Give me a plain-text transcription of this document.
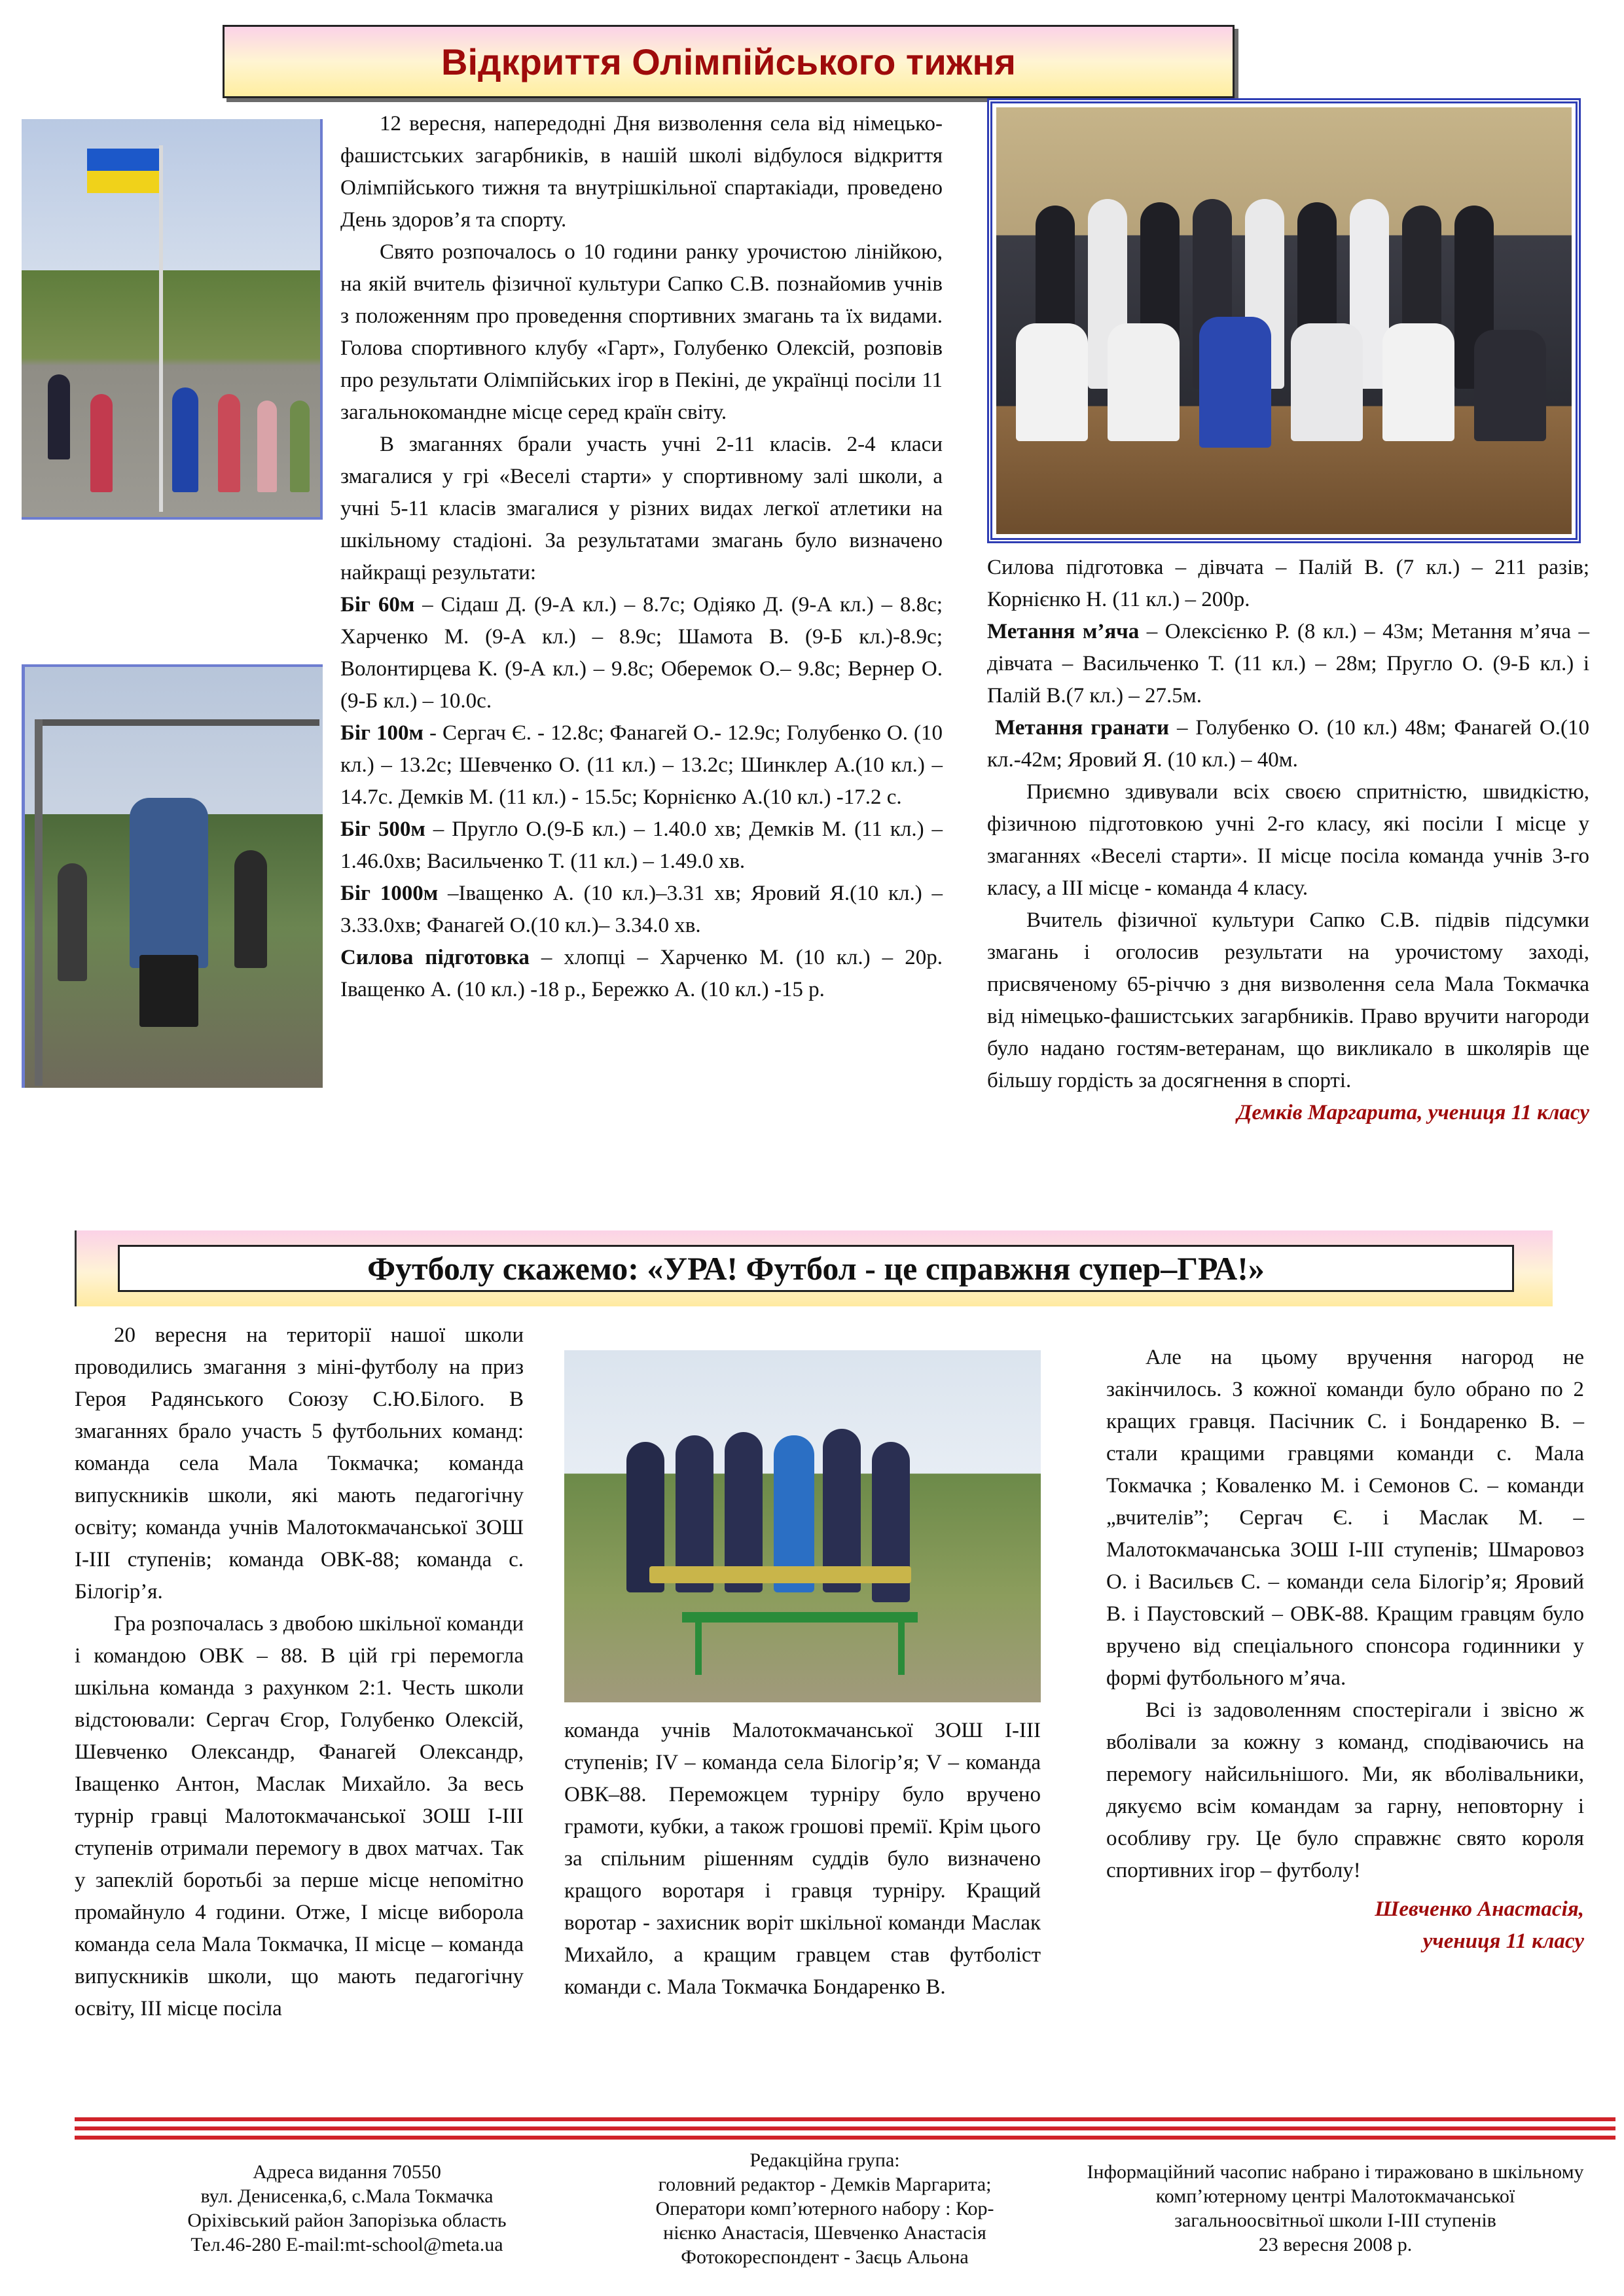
Відкриття Олімпійського тижня

12 вересня, напередодні Дня визволення села від німецько-фашистських загарбників, в нашій школі відбулося відкриття Олімпійського тижня та внутрішкільної спартакіади, проведено День здоров’я та спорту.

Свято розпочалось о 10 години ранку урочистою лінійкою, на якій вчитель фізичної культури Сапко С.В. познайомив учнів з положенням про проведення спортивних змагань та їх видами. Голова спортивного клубу «Гарт», Голубенко Олексій, розповів про результати Олімпійських ігор в Пекіні, де українці посіли 11 загальнокомандне місце серед країн світу.

В змаганнях брали участь учні 2-11 класів. 2-4 класи змагалися у грі «Веселі старти» у спортивному залі школи, а учні 5-11 класів змагалися у різних видах легкої атлетики на шкільному стадіоні. За результатами змагань було визначено найкращі результати:

Біг 60м – Сідаш Д. (9-А кл.) – 8.7с; Одіяко Д. (9-А кл.) – 8.8с; Харченко М. (9-А кл.) – 8.9с; Шамота В. (9-Б кл.)-8.9с; Волонтирцева К. (9-А кл.) – 9.8с; Оберемок О.– 9.8с; Вернер О. (9-Б кл.) – 10.0с.

Біг 100м - Сергач Є. - 12.8с; Фанагей О.- 12.9с; Голубенко О. (10 кл.) – 13.2с; Шевченко О. (11 кл.) – 13.2с; Шинклер А.(10 кл.) – 14.7с. Демків М. (11 кл.) - 15.5с; Корнієнко А.(10 кл.) -17.2 с.

Біг 500м – Пругло О.(9-Б кл.) – 1.40.0 хв; Демків М. (11 кл.) – 1.46.0хв; Васильченко Т. (11 кл.) – 1.49.0 хв.

Біг 1000м –Іващенко А. (10 кл.)–3.31 хв; Яровий Я.(10 кл.) – 3.33.0хв; Фанагей О.(10 кл.)– 3.34.0 хв.

Силова підготовка – хлопці – Харченко М. (10 кл.) – 20р. Іващенко А. (10 кл.) -18 р., Бережко А. (10 кл.) -15 р.

Силова підготовка – дівчата – Палій В. (7 кл.) – 211 разів; Корнієнко Н. (11 кл.) – 200р.

Метання м’яча – Олексієнко Р. (8 кл.) – 43м; Метання м’яча – дівчата – Васильченко Т. (11 кл.) – 28м; Пругло О. (9-Б кл.) і Палій В.(7 кл.) – 27.5м.

Метання гранати – Голубенко О. (10 кл.) 48м; Фанагей О.(10 кл.-42м; Яровий Я. (10 кл.) – 40м.

Приємно здивували всіх своєю спритністю, швидкістю, фізичною підготовкою учні 2-го класу, які посіли І місце у змаганнях «Веселі старти». ІІ місце посіла команда учнів 3-го класу, а ІІІ місце - команда 4 класу.

Вчитель фізичної культури Сапко С.В. підвів підсумки змагань і оголосив результати на урочистому заході, присвяченому 65-річчю з дня визволення села Мала Токмачка від німецько-фашистських загарбників. Право вручити нагороди було надано гостям-ветеранам, що викликало в школярів ще більшу гордість за досягнення в спорті.

Демків Маргарита, учениця 11 класу

Футболу скажемо: «УРА! Футбол - це справжня супер–ГРА!»

20 вересня на території нашої школи проводились змагання з міні-футболу на приз Героя Радянського Союзу С.Ю.Білого. В змаганнях брало участь 5 футбольних команд: команда села Мала Токмачка; команда випускників школи, які мають педагогічну освіту; команда учнів Малотокмачанської ЗОШ І-ІІІ ступенів; команда ОВК-88; команда с. Білогір’я.

Гра розпочалась з двобою шкільної команди і командою ОВК – 88. В цій грі перемогла шкільна команда з рахунком 2:1. Честь школи відстоювали: Сергач Єгор, Голубенко Олексій, Шевченко Олександр, Фанагей Олександр, Іващенко Антон, Маслак Михайло. За весь турнір гравці Малотокмачанської ЗОШ І-ІІІ ступенів отримали перемогу в двох матчах. Так у запеклій боротьбі за перше місце непомітно промайнуло 4 години. Отже, І місце виборола команда села Мала Токмачка, ІІ місце – команда випускників школи, що мають педагогічну освіту, ІІІ місце посіла

команда учнів Малотокмачанської ЗОШ І-ІІІ ступенів; IV – команда села Білогір’я; V – команда ОВК–88. Переможцем турніру було вручено грамоти, кубки, а також грошові премії. Крім цього за спільним рішенням суддів було визначено кращого воротаря і гравця турніру. Кращий воротар - захисник воріт шкільної команди Маслак Михайло, а кращим гравцем став футболіст команди с. Мала Токмачка Бондаренко В.

Але на цьому вручення нагород не закінчилось. З кожної команди було обрано по 2 кращих гравця. Пасічник С. і Бондаренко В. – стали кращими гравцями команди с. Мала Токмачка ; Коваленко М. і Семонов С. – команди „вчителів”; Сергач Є. і Маслак М. – Малотокмачанська ЗОШ І-ІІІ ступенів; Шмаровоз О. і Васильєв С. – команди села Білогір’я; Яровий В. і Паустовский – ОВК-88. Кращим гравцям було вручено від спеціального спонсора годинники у формі футбольного м’яча.

Всі із задоволенням спостерігали і звісно ж вболівали за кожну з команд, сподіваючись на перемогу найсильнішого. Ми, як вболівальники, дякуємо всім командам за гарну, неповторну і особливу гру. Це було справжнє свято короля спортивних ігор – футболу!

Шевченко Анастасія,

учениця 11 класу

Адреса видання 70550
вул. Денисенка,6, с.Мала Токмачка
Оріхівський район Запорізька область
Тел.46-280 E-mail:mt-school@meta.ua
Редакційна група:
головний редактор - Демків Маргарита;
Оператори комп’ютерного набору : Кор-
нієнко Анастасія, Шевченко Анастасія
Фотокореспондент - Заєць Альона
Інформаційний часопис набрано і тиражовано в шкільному
комп’ютерному центрі Малотокмачанської
загальноосвітньої школи І-ІІІ ступенів
23 вересня 2008 р.
